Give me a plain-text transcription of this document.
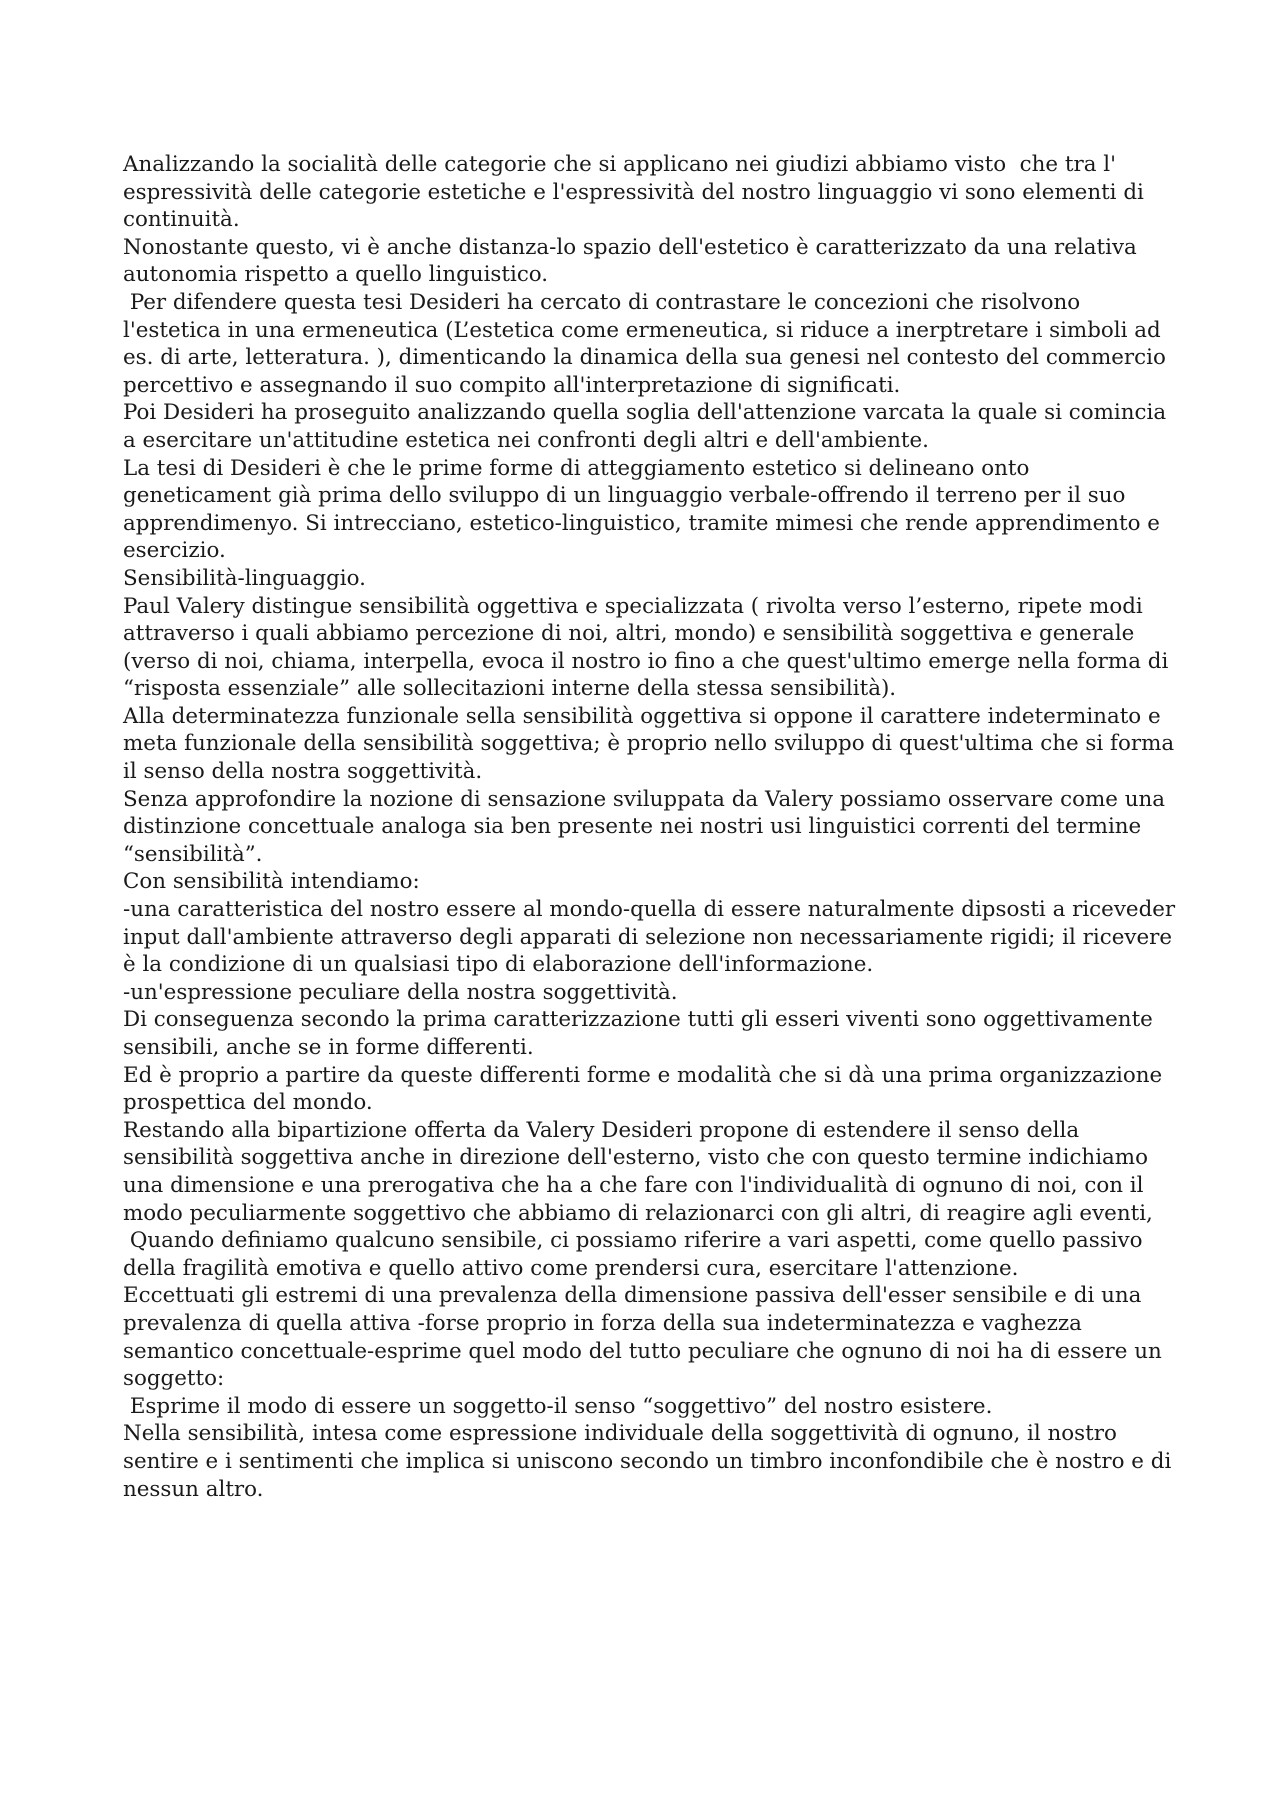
Analizzando la socialità delle categorie che si applicano nei giudizi abbiamo visto  che tra l' espressività delle categorie estetiche e l'espressività del nostro linguaggio vi sono elementi di continuità.

Nonostante questo, vi è anche distanza-lo spazio dell'estetico è caratterizzato da una relativa autonomia rispetto a quello linguistico.

Per difendere questa tesi Desideri ha cercato di contrastare le concezioni che risolvono l'estetica in una ermeneutica (L’estetica come ermeneutica, si riduce a inerptretare i simboli ad es. di arte, letteratura. ), dimenticando la dinamica della sua genesi nel contesto del commercio percettivo e assegnando il suo compito all'interpretazione di significati.

Poi Desideri ha proseguito analizzando quella soglia dell'attenzione varcata la quale si comincia a esercitare un'attitudine estetica nei confronti degli altri e dell'ambiente.

La tesi di Desideri è che le prime forme di atteggiamento estetico si delineano onto geneticament già prima dello sviluppo di un linguaggio verbale-offrendo il terreno per il suo apprendimenyo. Si intrecciano, estetico-linguistico, tramite mimesi che rende apprendimento e esercizio.

Sensibilità-linguaggio.

Paul Valery distingue sensibilità oggettiva e specializzata ( rivolta verso l’esterno, ripete modi attraverso i quali abbiamo percezione di noi, altri, mondo) e sensibilità soggettiva e generale (verso di noi, chiama, interpella, evoca il nostro io fino a che quest'ultimo emerge nella forma di “risposta essenziale” alle sollecitazioni interne della stessa sensibilità).

Alla determinatezza funzionale sella sensibilità oggettiva si oppone il carattere indeterminato e meta funzionale della sensibilità soggettiva; è proprio nello sviluppo di quest'ultima che si forma il senso della nostra soggettività.

Senza approfondire la nozione di sensazione sviluppata da Valery possiamo osservare come una distinzione concettuale analoga sia ben presente nei nostri usi linguistici correnti del termine “sensibilità”.

Con sensibilità intendiamo:

-una caratteristica del nostro essere al mondo-quella di essere naturalmente dipsosti a riceveder input dall'ambiente attraverso degli apparati di selezione non necessariamente rigidi; il ricevere è la condizione di un qualsiasi tipo di elaborazione dell'informazione.

-un'espressione peculiare della nostra soggettività.

Di conseguenza secondo la prima caratterizzazione tutti gli esseri viventi sono oggettivamente sensibili, anche se in forme differenti.

Ed è proprio a partire da queste differenti forme e modalità che si dà una prima organizzazione prospettica del mondo.

Restando alla bipartizione offerta da Valery Desideri propone di estendere il senso della sensibilità soggettiva anche in direzione dell'esterno, visto che con questo termine indichiamo una dimensione e una prerogativa che ha a che fare con l'individualità di ognuno di noi, con il modo peculiarmente soggettivo che abbiamo di relazionarci con gli altri, di reagire agli eventi,

Quando definiamo qualcuno sensibile, ci possiamo riferire a vari aspetti, come quello passivo della fragilità emotiva e quello attivo come prendersi cura, esercitare l'attenzione.

Eccettuati gli estremi di una prevalenza della dimensione passiva dell'esser sensibile e di una prevalenza di quella attiva -forse proprio in forza della sua indeterminatezza e vaghezza semantico concettuale-esprime quel modo del tutto peculiare che ognuno di noi ha di essere un soggetto:

Esprime il modo di essere un soggetto-il senso “soggettivo” del nostro esistere.

Nella sensibilità, intesa come espressione individuale della soggettività di ognuno, il nostro sentire e i sentimenti che implica si uniscono secondo un timbro inconfondibile che è nostro e di nessun altro.
